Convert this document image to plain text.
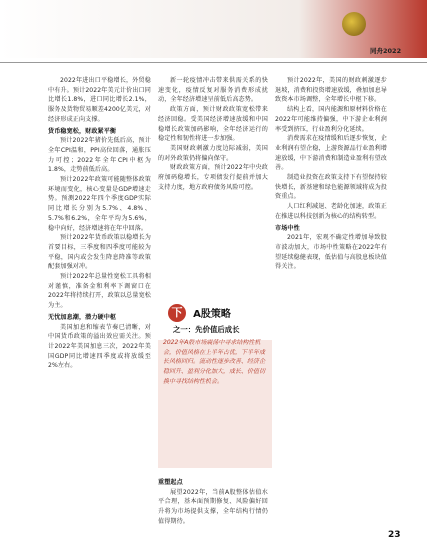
同舟2022

2022年进出口平稳增长，外贸稳中有升。预计2022年美元计价出口同比增长1.8%，进口同比增长2.1%，服务及货物贸易顺差4200亿美元，对经济形成正向支撑。

货币稳宽松，财政紧平衡

预计2022年猪价先低后高，预计全年CPI温和，PPI高位回落，通胀压力可控；2022年全年CPI中枢为1.8%，走势前低后高。

预计2022年政策可能随整体政策环境而变化，核心变量是GDP增速走势。预测2022年四个季度GDP实际同比增长分别为5.7%、4.8%、5.7%和6.2%，全年平均为5.6%，稳中向好，经济增速将在年中回落。

预计2022年货币政策以稳增长为首要目标，三季度和四季度可能较为平稳，国内或会发生降息降准等政策配套加强对冲。

预计2022年总量性宽松工具将相对谨慎，准备金和利率下调窗口在2022年将持续打开，政策以总量宽松为主。

无忧加息潮，潜力硬中枢

美国加息和缩表节奏已清晰，对中国货币政策的溢出效应需关注。预计2022年美国加息三次，2022年美国GDP同比增速四季度或将放缓至2%左右。

新一轮疫情冲击带来供需关系的快速变化，疫情反复对服务消费形成扰动，全年经济增速呈前低后高态势。

政策方面，预计财政政策宽松带来经济回稳。受美国经济增速放缓和中国稳增长政策加码影响，全年经济运行的稳定性和韧性将进一步加强。

美国财政刺激力度边际减弱，美国的对外政策仍将偏向保守。

财政政策方面，预计2022年中央政府加码稳增长，专项债发行提前并加大支持力度，地方政府债务风险可控。

下 A股策略
之一：先价值后成长

2022年A股市场震荡中寻求结构性机会，价值风格在上半年占优，下半年成长风格回归。流动性逐步改善、经济企稳回升、盈利分化加大，成长、价值切换中寻找结构性机会。

重塑起点

展望2022年，当前A股整体估值水平合理，基本面预期修复、风险偏好回升将为市场提供支撑，全年结构行情仍值得期待。

预计2022年，美国的财政刺激逐步退坡，消费和投资增速放缓，叠加加息导致资本市场调整，全年增长中枢下移。

结构上看，国内能源和原材料价格在2022年可能维持偏强，中下游企业利润率受到挤压，行业盈利分化延续。

消费需求在疫情缓和后逐步恢复，企业利润有望企稳，上游资源品行业盈利增速放缓，中下游消费和制造业盈利有望改善。

制造业投资在政策支持下有望保持较快增长，新基建和绿色能源领域将成为投资重点。

人口红利减退、老龄化加速，政策正在推进以科技创新为核心的结构转型。

市场中性

2021年，宏观不确定性增加导致股市波动加大，市场中性策略在2022年有望延续稳健表现，低估值与高股息板块值得关注。

23
